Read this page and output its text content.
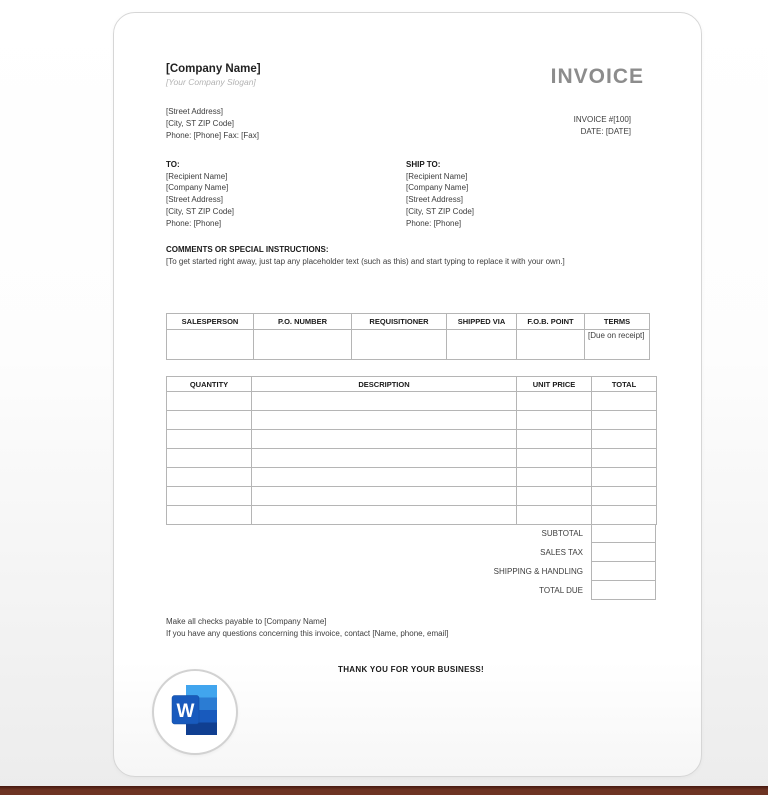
[Company Name]
[Your Company Slogan]	INVOICE
[Street Address]
[City, ST ZIP Code]
Phone: [Phone] Fax: [Fax]
INVOICE #[100]
DATE: [DATE]
TO:
[Recipient Name]
[Company Name]
[Street Address]
[City, ST ZIP Code]
Phone: [Phone]
SHIP TO:
[Recipient Name]
[Company Name]
[Street Address]
[City, ST ZIP Code]
Phone: [Phone]
COMMENTS OR SPECIAL INSTRUCTIONS:
[To get started right away, just tap any placeholder text (such as this) and start typing to replace it with your own.]
SALESPERSON	P.O. NUMBER	REQUISITIONER	SHIPPED VIA	F.O.B. POINT	TERMS
					[Due on receipt]
QUANTITY	DESCRIPTION	UNIT PRICE	TOTAL

SUBTOTAL
SALES TAX
SHIPPING & HANDLING
TOTAL DUE
Make all checks payable to [Company Name]
If you have any questions concerning this invoice, contact [Name, phone, email]
THANK YOU FOR YOUR BUSINESS!
W
